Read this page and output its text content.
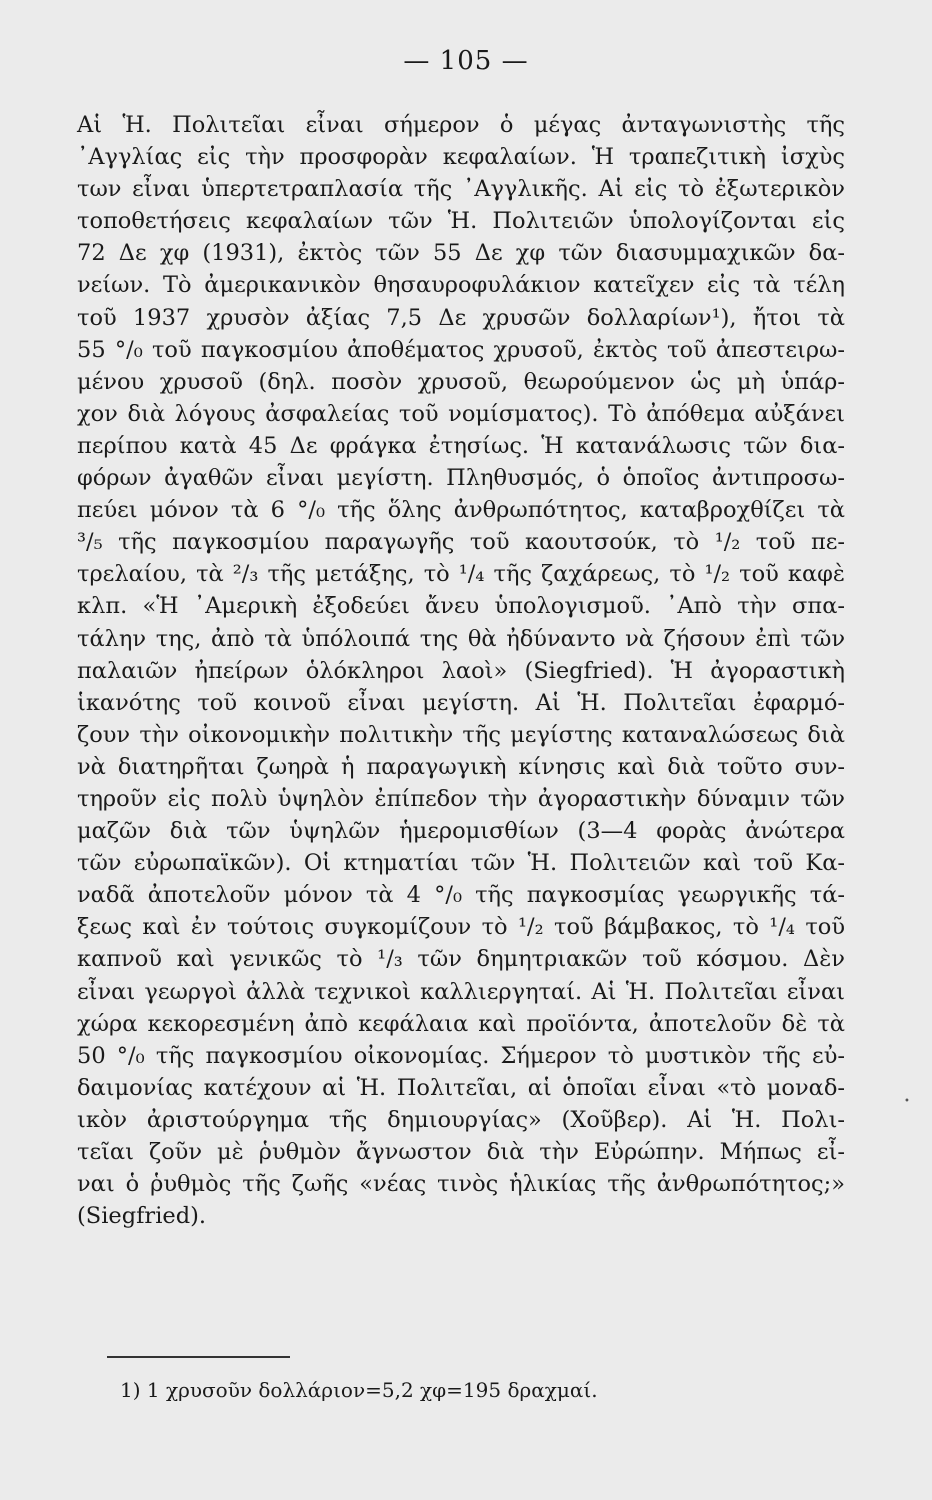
— 105 —
Αἱ Ἡ. Πολιτεῖαι εἶναι σήμερον ὁ μέγας ἀνταγωνιστὴς τῆς
᾿Αγγλίας εἰς τὴν προσφορὰν κεφαλαίων. Ἡ τραπεζιτικὴ ἰσχὺς
των εἶναι ὑπερτετραπλασία τῆς ᾿Αγγλικῆς. Αἱ εἰς τὸ ἐξωτερικὸν
τοποθετήσεις κεφαλαίων τῶν Ἡ. Πολιτειῶν ὑπολογίζονται εἰς
72 Δε χφ (1931), ἐκτὸς τῶν 55 Δε χφ τῶν διασυμμαχικῶν δα-
νείων. Τὸ ἀμερικανικὸν θησαυροφυλάκιον κατεῖχεν εἰς τὰ τέλη
τοῦ 1937 χρυσὸν ἀξίας 7,5 Δε χρυσῶν δολλαρίων¹), ἤτοι τὰ
55 °/₀ τοῦ παγκοσμίου ἀποθέματος χρυσοῦ, ἐκτὸς τοῦ ἀπεστειρω-
μένου χρυσοῦ (δηλ. ποσὸν χρυσοῦ, θεωρούμενον ὡς μὴ ὑπάρ-
χον διὰ λόγους ἀσφαλείας τοῦ νομίσματος). Τὸ ἀπόθεμα αὐξάνει
περίπου κατὰ 45 Δε φράγκα ἐτησίως. Ἡ κατανάλωσις τῶν δια-
φόρων ἀγαθῶν εἶναι μεγίστη. Πληθυσμός, ὁ ὁποῖος ἀντιπροσω-
πεύει μόνον τὰ 6 °/₀ τῆς ὅλης ἀνθρωπότητος, καταβροχθίζει τὰ
³/₅ τῆς παγκοσμίου παραγωγῆς τοῦ καουτσούκ, τὸ ¹/₂ τοῦ πε-
τρελαίου, τὰ ²/₃ τῆς μετάξης, τὸ ¹/₄ τῆς ζαχάρεως, τὸ ¹/₂ τοῦ καφὲ
κλπ. «Ἡ ᾿Αμερικὴ ἐξοδεύει ἄνευ ὑπολογισμοῦ. ᾿Απὸ τὴν σπα-
τάλην της, ἀπὸ τὰ ὑπόλοιπά της θὰ ἠδύναντο νὰ ζήσουν ἐπὶ τῶν
παλαιῶν ἠπείρων ὁλόκληροι λαοὶ» (Siegfried). Ἡ ἀγοραστικὴ
ἱκανότης τοῦ κοινοῦ εἶναι μεγίστη. Αἱ Ἡ. Πολιτεῖαι ἐφαρμό-
ζουν τὴν οἰκονομικὴν πολιτικὴν τῆς μεγίστης καταναλώσεως διὰ
νὰ διατηρῆται ζωηρὰ ἡ παραγωγικὴ κίνησις καὶ διὰ τοῦτο συν-
τηροῦν εἰς πολὺ ὑψηλὸν ἐπίπεδον τὴν ἀγοραστικὴν δύναμιν τῶν
μαζῶν διὰ τῶν ὑψηλῶν ἡμερομισθίων (3—4 φορὰς ἀνώτερα
τῶν εὐρωπαϊκῶν). Οἱ κτηματίαι τῶν Ἡ. Πολιτειῶν καὶ τοῦ Κα-
ναδᾶ ἀποτελοῦν μόνον τὰ 4 °/₀ τῆς παγκοσμίας γεωργικῆς τά-
ξεως καὶ ἐν τούτοις συγκομίζουν τὸ ¹/₂ τοῦ βάμβακος, τὸ ¹/₄ τοῦ
καπνοῦ καὶ γενικῶς τὸ ¹/₃ τῶν δημητριακῶν τοῦ κόσμου. Δὲν
εἶναι γεωργοὶ ἀλλὰ τεχνικοὶ καλλιεργηταί. Αἱ Ἡ. Πολιτεῖαι εἶναι
χώρα κεκορεσμένη ἀπὸ κεφάλαια καὶ προϊόντα, ἀποτελοῦν δὲ τὰ
50 °/₀ τῆς παγκοσμίου οἰκονομίας. Σήμερον τὸ μυστικὸν τῆς εὐ-
δαιμονίας κατέχουν αἱ Ἡ. Πολιτεῖαι, αἱ ὁποῖαι εἶναι «τὸ μοναδ-
ικὸν ἀριστούργημα τῆς δημιουργίας» (Χοῦβερ). Αἱ Ἡ. Πολι-
τεῖαι ζοῦν μὲ ῥυθμὸν ἄγνωστον διὰ τὴν Εὐρώπην. Μήπως εἶ-
ναι ὁ ῥυθμὸς τῆς ζωῆς «νέας τινὸς ἡλικίας τῆς ἀνθρωπότητος;»
(Siegfried).
1) 1 χρυσοῦν δολλάριον=5,2 χφ=195 δραχμαί.
•
